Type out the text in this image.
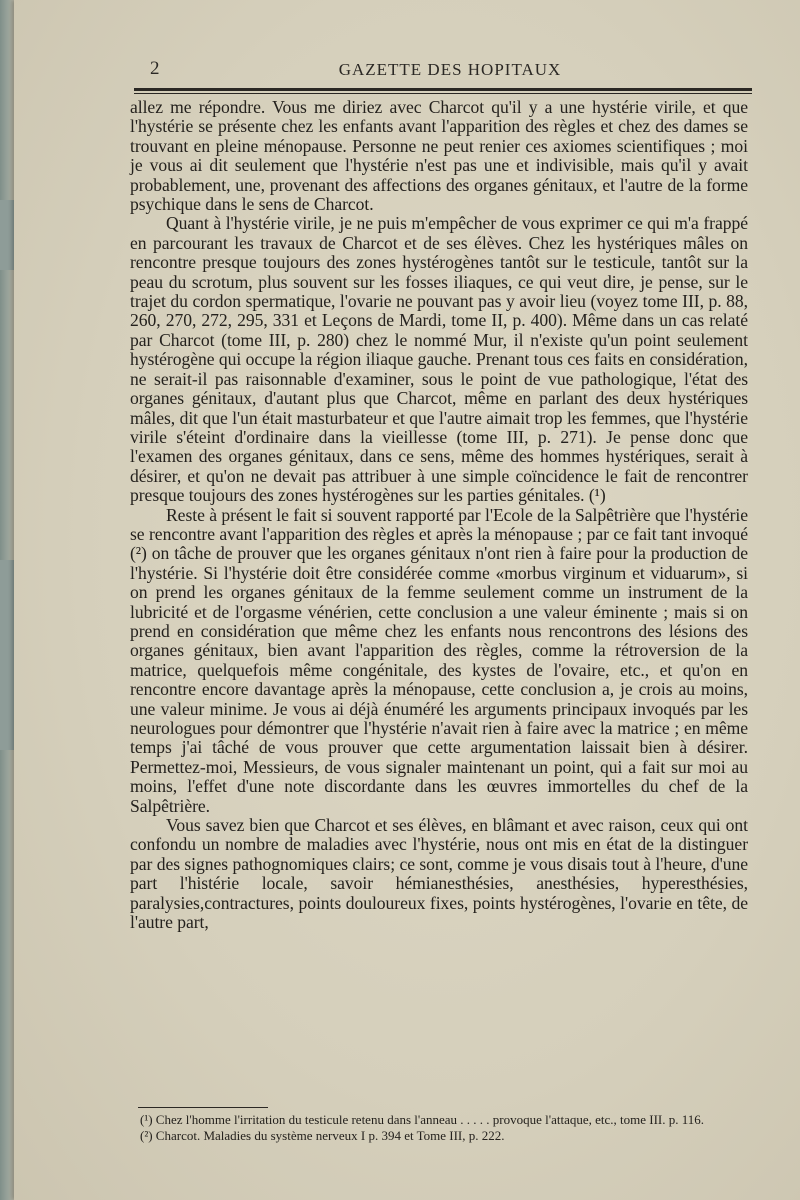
2	GAZETTE DES HOPITAUX

allez me répondre. Vous me diriez avec Charcot qu'il y a une hystérie virile, et que l'hystérie se présente chez les enfants avant l'apparition des règles et chez des dames se trouvant en pleine ménopause. Personne ne peut renier ces axiomes scientifiques ; moi je vous ai dit seulement que l'hystérie n'est pas une et indivisible, mais qu'il y avait probablement, une, provenant des affections des organes génitaux, et l'autre de la forme psychique dans le sens de Charcot.

Quant à l'hystérie virile, je ne puis m'empêcher de vous exprimer ce qui m'a frappé en parcourant les travaux de Charcot et de ses élèves. Chez les hystériques mâles on rencontre presque toujours des zones hystérogènes tantôt sur le testicule, tantôt sur la peau du scrotum, plus souvent sur les fosses iliaques, ce qui veut dire, je pense, sur le trajet du cordon spermatique, l'ovarie ne pouvant pas y avoir lieu (voyez tome III, p. 88, 260, 270, 272, 295, 331 et Leçons de Mardi, tome II, p. 400). Même dans un cas relaté par Charcot (tome III, p. 280) chez le nommé Mur, il n'existe qu'un point seulement hystérogène qui occupe la région iliaque gauche. Prenant tous ces faits en considération, ne serait-il pas raisonnable d'examiner, sous le point de vue pathologique, l'état des organes génitaux, d'autant plus que Charcot, même en parlant des deux hystériques mâles, dit que l'un était masturbateur et que l'autre aimait trop les femmes, que l'hystérie virile s'éteint d'ordinaire dans la vieillesse (tome III, p. 271). Je pense donc que l'examen des organes génitaux, dans ce sens, même des hommes hystériques, serait à désirer, et qu'on ne devait pas attribuer à une simple coïncidence le fait de rencontrer presque toujours des zones hystérogènes sur les parties génitales. (¹)

Reste à présent le fait si souvent rapporté par l'Ecole de la Salpêtrière que l'hystérie se rencontre avant l'apparition des règles et après la ménopause ; par ce fait tant invoqué (²) on tâche de prouver que les organes génitaux n'ont rien à faire pour la production de l'hystérie. Si l'hystérie doit être considérée comme «morbus virginum et viduarum», si on prend les organes génitaux de la femme seulement comme un instrument de la lubricité et de l'orgasme vénérien, cette conclusion a une valeur éminente ; mais si on prend en considération que même chez les enfants nous rencontrons des lésions des organes génitaux, bien avant l'apparition des règles, comme la rétroversion de la matrice, quelquefois même congénitale, des kystes de l'ovaire, etc., et qu'on en rencontre encore davantage après la ménopause, cette conclusion a, je crois au moins, une valeur minime. Je vous ai déjà énuméré les arguments principaux invoqués par les neurologues pour démontrer que l'hystérie n'avait rien à faire avec la matrice ; en même temps j'ai tâché de vous prouver que cette argumentation laissait bien à désirer. Permettez-moi, Messieurs, de vous signaler maintenant un point, qui a fait sur moi au moins, l'effet d'une note discordante dans les œuvres immortelles du chef de la Salpêtrière.

Vous savez bien que Charcot et ses élèves, en blâmant et avec raison, ceux qui ont confondu un nombre de maladies avec l'hystérie, nous ont mis en état de la distinguer par des signes pathognomiques clairs; ce sont, comme je vous disais tout à l'heure, d'une part l'histérie locale, savoir hémianesthésies, anesthésies, hyperesthésies, paralysies,contractures, points douloureux fixes, points hystérogènes, l'ovarie en tête, de l'autre part,

(¹) Chez l'homme l'irritation du testicule retenu dans l'anneau . . . . . provoque l'attaque, etc., tome III. p. 116.

(²) Charcot. Maladies du système nerveux I p. 394 et Tome III, p. 222.
